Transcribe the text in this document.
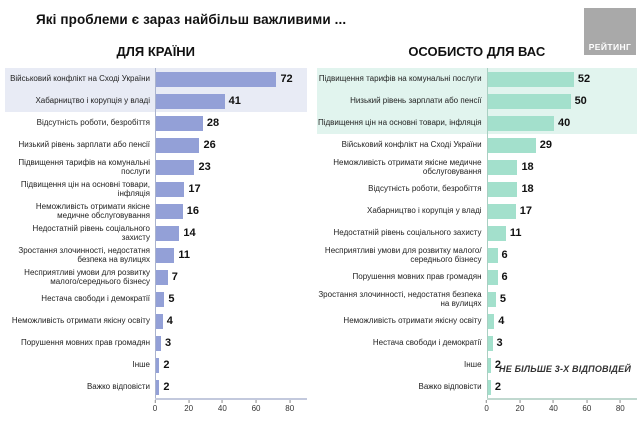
Які проблеми є зараз найбільш важливими ...
РЕЙТИНГ
ДЛЯ КРАЇНИ
Військовий конфлікт на Сході України	72
Хабарництво і корупція у владі	41
Відсутність роботи, безробіття	28
Низький рівень зарплати або пенсії	26
Підвищення тарифів на комунальні послуги	23
Підвищення цін на основні товари, інфляція	17
Неможливість отримати якісне медичне обслуговування	16
Недостатній рівень соціального захисту	14
Зростання злочинності, недостатня безпека на вулицях	11
Несприятливі умови для розвитку малого/середнього бізнесу	7
Нестача свободи і демократії	5
Неможливість отримати якісну освіту	4
Порушення мовних прав громадян	3
Інше	2
Важко відповісти	2
0	20	40	60	80
ОСОБИСТО ДЛЯ ВАС
Підвищення тарифів на комунальні послуги	52
Низький рівень зарплати або пенсії	50
Підвищення цін на основні товари, інфляція	40
Військовий конфлікт на Сході України	29
Неможливість отримати якісне медичне обслуговування	18
Відсутність роботи, безробіття	18
Хабарництво і корупція у владі	17
Недостатній рівень соціального захисту	11
Несприятливі умови для розвитку малого/середнього бізнесу	6
Порушення мовних прав громадян	6
Зростання злочинності, недостатня безпека на вулицях	5
Неможливість отримати якісну освіту	4
Нестача свободи і демократії	3
Інше	2
Важко відповісти	2
0	20	40	60	80
НЕ БІЛЬШЕ 3-Х ВІДПОВІДЕЙ
